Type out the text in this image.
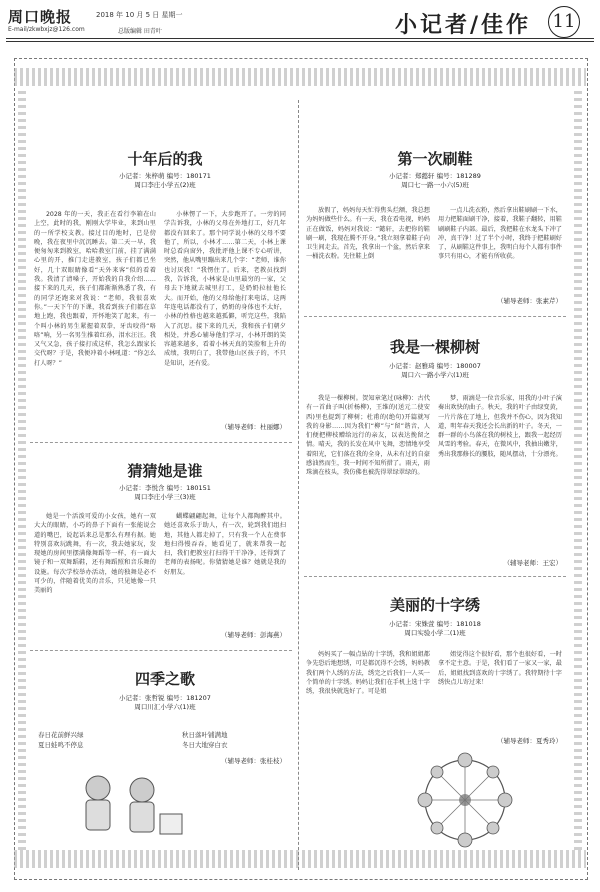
周口晚报	2018 年 10 月 5 日 星期一
E-mail/zkwbxjz@126.com	总版编辑 田青叶	小记者/佳作 11
十年后的我
小记者：朱梓萌 编号：180171
周口李庄小学五(2)班

2028 年的一天，我正在看行李箱在山上空，此时的我，刚刚大学毕业，来到山里的一所学校支教。接过目的地时，已是傍晚，我在夜里中沉沉睡去。第二天一早，我便匆匆来到教室，哈哈教室门前，挂了满满心里的开，推门走进教室，孩子们都已坐好，几十双眼睛像看“天外来客”似的看着我。我清了清嗓子，开始我的自我介绍……接下来的几天，孩子们都渐渐熟悉了我，有的同学还跑来对我说：“老师，我很喜欢你。”一天下午的下课，我看到孩子们都在草地上跑，我也跟着，开怀地笑了起来，有一个叫小林的男生紧握着双拳，牙齿咬得“咯咯”响，另一名男生推着红孙，泪水汪汪。我又气又急，孩子接打成这样，我怎么跟家长交代呀？于是，我便冲着小林吼道：“你怎么打人呀？”

小林愣了一下，大步跑开了。一旁的同学告诉我，小林的父母在外地打工，好几年都没有回来了。那个同学说小林的父母不要他了，所以，小林才……第二天，小林上课时总看向窗外，我批评他上课不专心听讲，突然，他从嘴里蹦出来几个字：“老师，谁你也讨厌我！”我愣住了。后来，老教员找到我，告诉我，小林家是山里最穷的一家，父母去下地就去城里打工，是奶奶拉扯他长大。而开始，他的父母给他打来电话，这两年连电话都没有了，奶奶的身体也不太好，小林的性格也越来越孤僻，听完这些，我陷入了沉思。接下来的几天，我和孩子们朝夕相处，并悉心辅导他们学习，小林开朗的笑容越来越多，看着小林天真的笑脸和上升的成绩，我明白了，我带他山区孩子的，不只是知识，还有爱。

（辅导老师：杜丽娜）
猜猜她是谁
小记者：李悦含 编号：180151
周口李庄小学三(3)班

她是一个活泼可爱的小女孩，她有一双大大的眼睛，小巧的鼻子下面有一张能说会道的嘴巴，说起话来总是那么有理有据。她特别喜欢玩跳舞，有一次，我去她家玩，发现她的房间里摆满像舞蹈等一样，有一面大镜子和一双舞蹈鞋，还有舞蹈照和音乐舞的设施。每次学校举办活动，她的独舞是必不可少的，伴随着优美的音乐，只见她像一只美丽的

蝴蝶翩翩起舞，让每个人都陶醉其中。她还喜欢乐于助人，有一次，轮到我们组扫地，其他人都走掉了，只有我一个人在费事地扫得慢吞吞，她看见了，就来帮我一起扫，我们把教室打扫得干干净净，还得到了老师的表扬呢。你猜猜她是谁？她就是我的好朋友。

（辅导老师：彭海燕）
四季之歌
小记者：张哲锐 编号：181207
周口川汇小学六(1)班
春日花前鲜兴绿
夏日蛙鸣不停息
秋日落叶铺满地
冬日大地穿白衣
（辅导老师：张桂枝）
第一次刷鞋
小记者：郑懿轩 编号：181289
周口七一路一小六(5)班

放假了，妈妈每天忙得焦头烂额，我总想为妈妈做些什么。有一天，我在看电视，妈妈正在做饭，妈妈对我说：“懿轩，去把你的鞋刷一刷，我现在腾不开身。”我立刻拿着鞋子向卫生间走去。首先，我拿出一个盆，然后拿来一桶洗衣粉。先往鞋上倒

一点儿洗衣粉，然后拿出鞋刷刷一下水，用力把鞋面刷干净，接着，我鞋子翻转，用鞋刷刷鞋子内部。最后，我把鞋在水龙头下冲了冲，真干净！过了半个小时，我终于把鞋刷好了，从刷鞋这件事上，我明白每个人都有事件事只有用心，才能有所收获。

（辅导老师：张素芹）
我是一棵柳树
小记者：赵雅琦 编号：180007
周口六一路小学六(1)班

我是一棵柳树。贺知章笔过(咏柳)：古代有一首曲子叫(折杨柳)，王维的(送元二使安西)里也提到了柳树；杜甫的(绝句)开篇就写我的身影……因为我们“柳”与“留”谐音，人们便把柳枝赠给远行的亲友，以表达挽留之情。晴天，我的长发在风中飞舞，恋情地享受着阳光，它们落在我的全身，从未有过的自豪感油然而生，我一时间不知所措了。雨天，雨珠滴在枝头，我仿佛也被洗得翠绿翠绿的。

梦，雨滴是一位音乐家，用我的小叶子演奏出欢快的曲子。秋天，我的叶子由绿变黄，一片片落在了地上，但我并不伤心，因为我知道，明年春天我还会长出新的叶子。冬天，一群一群的小鸟落在我的树枝上，跟我一起经历风雪的考验。春天，在微风中，我抽出嫩芽，秀出我那修长的腰肢，随风摆动，十分漂亮。

（辅导老师：王宏）
美丽的十字绣
小记者：宋姝萱 编号：181018
周口实验小学二(1)班

妈妈买了一幅点钻的十字绣，我和姐姐都争先恐后地想绣，可是都沉得不会绣，妈妈教我们两个人绣的方法，绣完之后我们一人买一个简单的十字绣。妈妈让我们在手机上选十字绣，我很快就选好了。可是姐

姐觉得这个很好看，那个也很好看，一时拿不定主意。于是，我们看了一家又一家，最后，姐姐找到喜欢的十字绣了。我特期待十字绣快点儿寄过来！

（辅导老师：夏秀玲）
